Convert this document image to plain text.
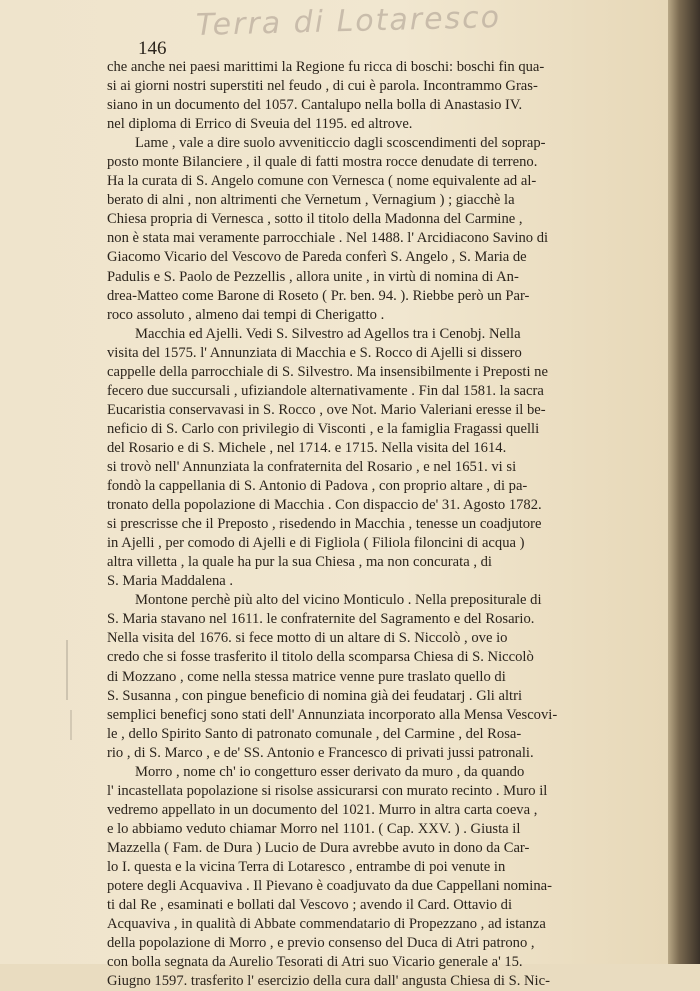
Terra di Lotaresco
146
che anche nei paesi marittimi la Regione fu ricca di boschi: boschi fin qua-
si ai giorni nostri superstiti nel feudo , di cui è parola. Incontrammo Gras-
siano in un documento del 1057. Cantalupo nella bolla di Anastasio IV.
nel diploma di Errico di Sveuia del 1195. ed altrove.
Lame , vale a dire suolo avveniticcio dagli scoscendimenti del soprap-
posto monte Bilanciere , il quale di fatti mostra rocce denudate di terreno.
Ha la curata di S. Angelo comune con Vernesca ( nome equivalente ad al-
berato di alni , non altrimenti che Vernetum , Vernagium ) ; giacchè la
Chiesa propria di Vernesca , sotto il titolo della Madonna del Carmine ,
non è stata mai veramente parrocchiale . Nel 1488. l' Arcidiacono Savino di
Giacomo Vicario del Vescovo de Pareda conferì S. Angelo , S. Maria de
Padulis e S. Paolo de Pezzellis , allora unite , in virtù di nomina di An-
drea-Matteo come Barone di Roseto ( Pr. ben. 94. ). Riebbe però un Par-
roco assoluto , almeno dai tempi di Cherigatto .
Macchia ed Ajelli. Vedi S. Silvestro ad Agellos tra i Cenobj. Nella
visita del 1575. l' Annunziata di Macchia e S. Rocco di Ajelli si dissero
cappelle della parrocchiale di S. Silvestro. Ma insensibilmente i Preposti ne
fecero due succursali , ufiziandole alternativamente . Fin dal 1581. la sacra
Eucaristia conservavasi in S. Rocco , ove Not. Mario Valeriani eresse il be-
neficio di S. Carlo con privilegio di Visconti , e la famiglia Fragassi quelli
del Rosario e di S. Michele , nel 1714. e 1715. Nella visita del 1614.
si trovò nell' Annunziata la confraternita del Rosario , e nel 1651. vi si
fondò la cappellania di S. Antonio di Padova , con proprio altare , di pa-
tronato della popolazione di Macchia . Con dispaccio de' 31. Agosto 1782.
si prescrisse che il Preposto , risedendo in Macchia , tenesse un coadjutore
in Ajelli , per comodo di Ajelli e di Figliola ( Filiola filoncini di acqua )
altra villetta , la quale ha pur la sua Chiesa , ma non concurata , di
S. Maria Maddalena .
Montone perchè più alto del vicino Monticulo . Nella prepositurale di
S. Maria stavano nel 1611. le confraternite del Sagramento e del Rosario.
Nella visita del 1676. si fece motto di un altare di S. Niccolò , ove io
credo che si fosse trasferito il titolo della scomparsa Chiesa di S. Niccolò
di Mozzano , come nella stessa matrice venne pure traslato quello di
S. Susanna , con pingue beneficio di nomina già dei feudatarj . Gli altri
semplici beneficj sono stati dell' Annunziata incorporato alla Mensa Vescovi-
le , dello Spirito Santo di patronato comunale , del Carmine , del Rosa-
rio , di S. Marco , e de' SS. Antonio e Francesco di privati jussi patronali.
Morro , nome ch' io congetturo esser derivato da muro , da quando
l' incastellata popolazione si risolse assicurarsi con murato recinto . Muro il
vedremo appellato in un documento del 1021. Murro in altra carta coeva ,
e lo abbiamo veduto chiamar Morro nel 1101. ( Cap. XXV. ) . Giusta il
Mazzella ( Fam. de Dura ) Lucio de Dura avrebbe avuto in dono da Car-
lo I. questa e la vicina Terra di Lotaresco , entrambe di poi venute in
potere degli Acquaviva . Il Pievano è coadjuvato da due Cappellani nomina-
ti dal Re , esaminati e bollati dal Vescovo ; avendo il Card. Ottavio di
Acquaviva , in qualità di Abbate commendatario di Propezzano , ad istanza
della popolazione di Morro , e previo consenso del Duca di Atri patrono ,
con bolla segnata da Aurelio Tesorati di Atri suo Vicario generale a' 15.
Giugno 1597. trasferito l' esercizio della cura dall' angusta Chiesa di S. Nic-
